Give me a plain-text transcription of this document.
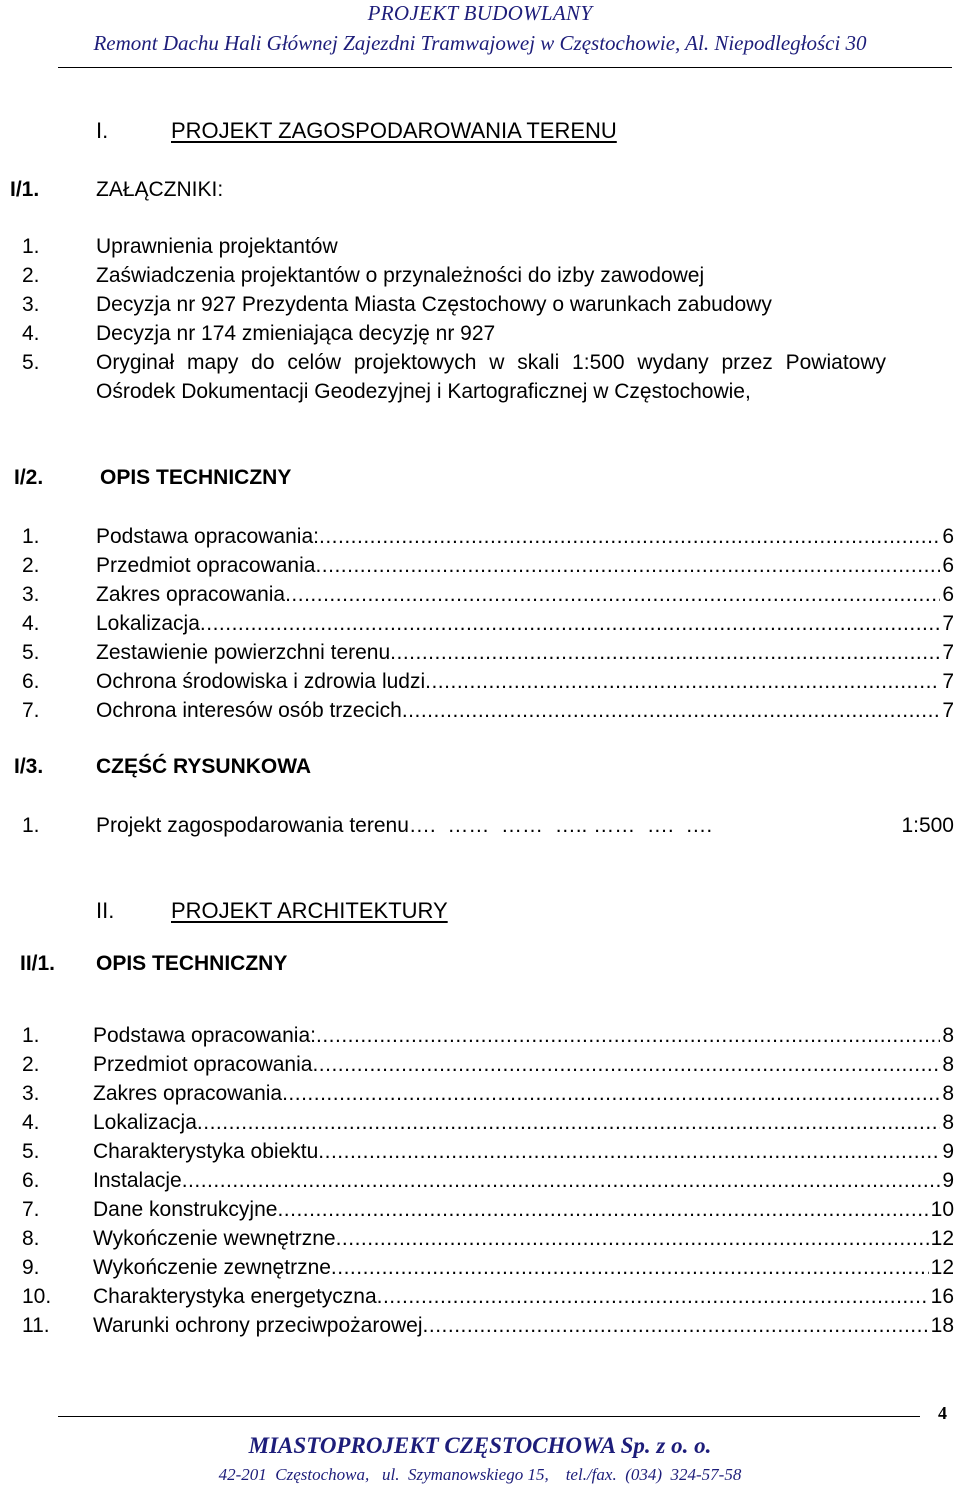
PROJEKT BUDOWLANY
Remont Dachu Hali Głównej Zajezdni Tramwajowej w Częstochowie, Al. Niepodległości 30
I.	PROJEKT ZAGOSPODAROWANIA TERENU
I/1.	ZAŁĄCZNIKI:
1.	Uprawnienia projektantów
2.	Zaświadczenia projektantów o przynależności do izby zawodowej
3.	Decyzja nr 927 Prezydenta Miasta Częstochowy o warunkach zabudowy
4.	Decyzja nr 174 zmieniająca decyzję nr 927
5.	Oryginał mapy do celów projektowych w skali 1:500 wydany przez Powiatowy Ośrodek Dokumentacji Geodezyjnej i Kartograficznej w Częstochowie,
I/2.	OPIS TECHNICZNY
1.	Podstawa opracowania: .....	6
2.	Przedmiot opracowania .....	6
3.	Zakres opracowania .....	6
4.	Lokalizacja .....	7
5.	Zestawienie powierzchni terenu .....	7
6.	Ochrona środowiska i zdrowia ludzi .....	7
7.	Ochrona interesów osób trzecich .....	7
I/3.	CZĘŚĆ RYSUNKOWA
1.	Projekt zagospodarowania terenu ….  ……  ……  ….. ……  ….  ….	1:500
II.	PROJEKT ARCHITEKTURY
II/1. OPIS TECHNICZNY
1.	Podstawa opracowania: .....	8
2.	Przedmiot opracowania .....	8
3.	Zakres opracowania .....	8
4.	Lokalizacja .....	8
5.	Charakterystyka obiektu .....	9
6.	Instalacje .....	9
7.	Dane konstrukcyjne .....	10
8.	Wykończenie wewnętrzne .....	12
9.	Wykończenie zewnętrzne .....	12
10. Charakterystyka energetyczna .....	16
11. Warunki ochrony przeciwpożarowej .....	18
4
MIASTOPROJEKT CZĘSTOCHOWA Sp. z o. o.
42-201  Częstochowa,   ul.  Szymanowskiego 15,    tel./fax.  (034)  324-57-58
